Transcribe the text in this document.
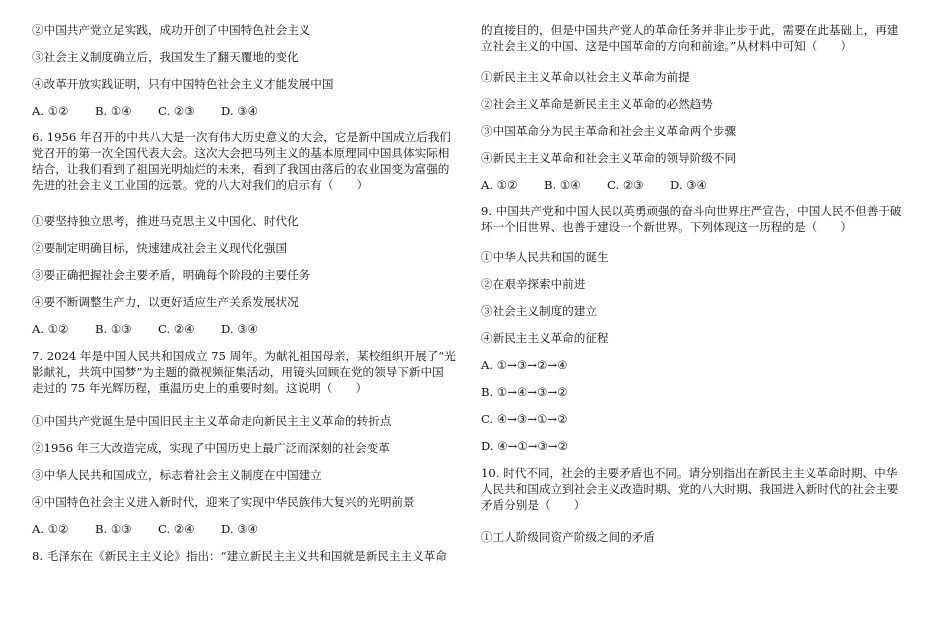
②中国共产党立足实践，成功开创了中国特色社会主义
③社会主义制度确立后，我国发生了翻天覆地的变化
④改革开放实践证明，只有中国特色社会主义才能发展中国
A. ①② B. ①④ C. ②③ D. ③④

6. 1956 年召开的中共八大是一次有伟大历史意义的大会，它是新中国成立后我们

党召开的第一次全国代表大会。这次大会把马列主义的基本原理同中国具体实际相

结合，让我们看到了祖国光明灿烂的未来，看到了我国由落后的农业国变为富强的

先进的社会主义工业国的远景。党的八大对我们的启示有（　　）

①要坚持独立思考，推进马克思主义中国化、时代化
②要制定明确目标，快速建成社会主义现代化强国
③要正确把握社会主要矛盾，明确每个阶段的主要任务
④要不断调整生产力，以更好适应生产关系发展状况
A. ①② B. ①③ C. ②④ D. ③④

7. 2024 年是中国人民共和国成立 75 周年。为献礼祖国母亲，某校组织开展了“光

影献礼，共筑中国梦”为主题的微视频征集活动，用镜头回顾在党的领导下新中国

走过的 75 年光辉历程，重温历史上的重要时刻。这说明（　　）

①中国共产党诞生是中国旧民主主义革命走向新民主主义革命的转折点
②1956 年三大改造完成，实现了中国历史上最广泛而深刻的社会变革
③中华人民共和国成立，标志着社会主义制度在中国建立
④中国特色社会主义进入新时代，迎来了实现中华民族伟大复兴的光明前景
A. ①② B. ①③ C. ②④ D. ③④
8. 毛泽东在《新民主主义论》指出：“建立新民主主义共和国就是新民主主义革命

的直接目的，但是中国共产党人的革命任务并非止步于此，需要在此基础上，再建

立社会主义的中国、这是中国革命的方向和前途。”从材料中可知（　　）

①新民主主义革命以社会主义革命为前提
②社会主义革命是新民主主义革命的必然趋势
③中国革命分为民主革命和社会主义革命两个步骤
④新民主主义革命和社会主义革命的领导阶级不同
A. ①② B. ①④ C. ②③ D. ③④

9. 中国共产党和中国人民以英勇顽强的奋斗向世界庄严宣告，中国人民不但善于破

坏一个旧世界、也善于建设一个新世界。下列体现这一历程的是（　　）

①中华人民共和国的诞生
②在艰辛探索中前进
③社会主义制度的建立
④新民主主义革命的征程
A. ①→③→②→④
B. ①→④→③→②
C. ④→③→①→②
D. ④→①→③→②

10. 时代不同，社会的主要矛盾也不同。请分别指出在新民主主义革命时期、中华

人民共和国成立到社会主义改造时期、党的八大时期、我国进入新时代的社会主要

矛盾分别是（　　）

①工人阶级同资产阶级之间的矛盾
